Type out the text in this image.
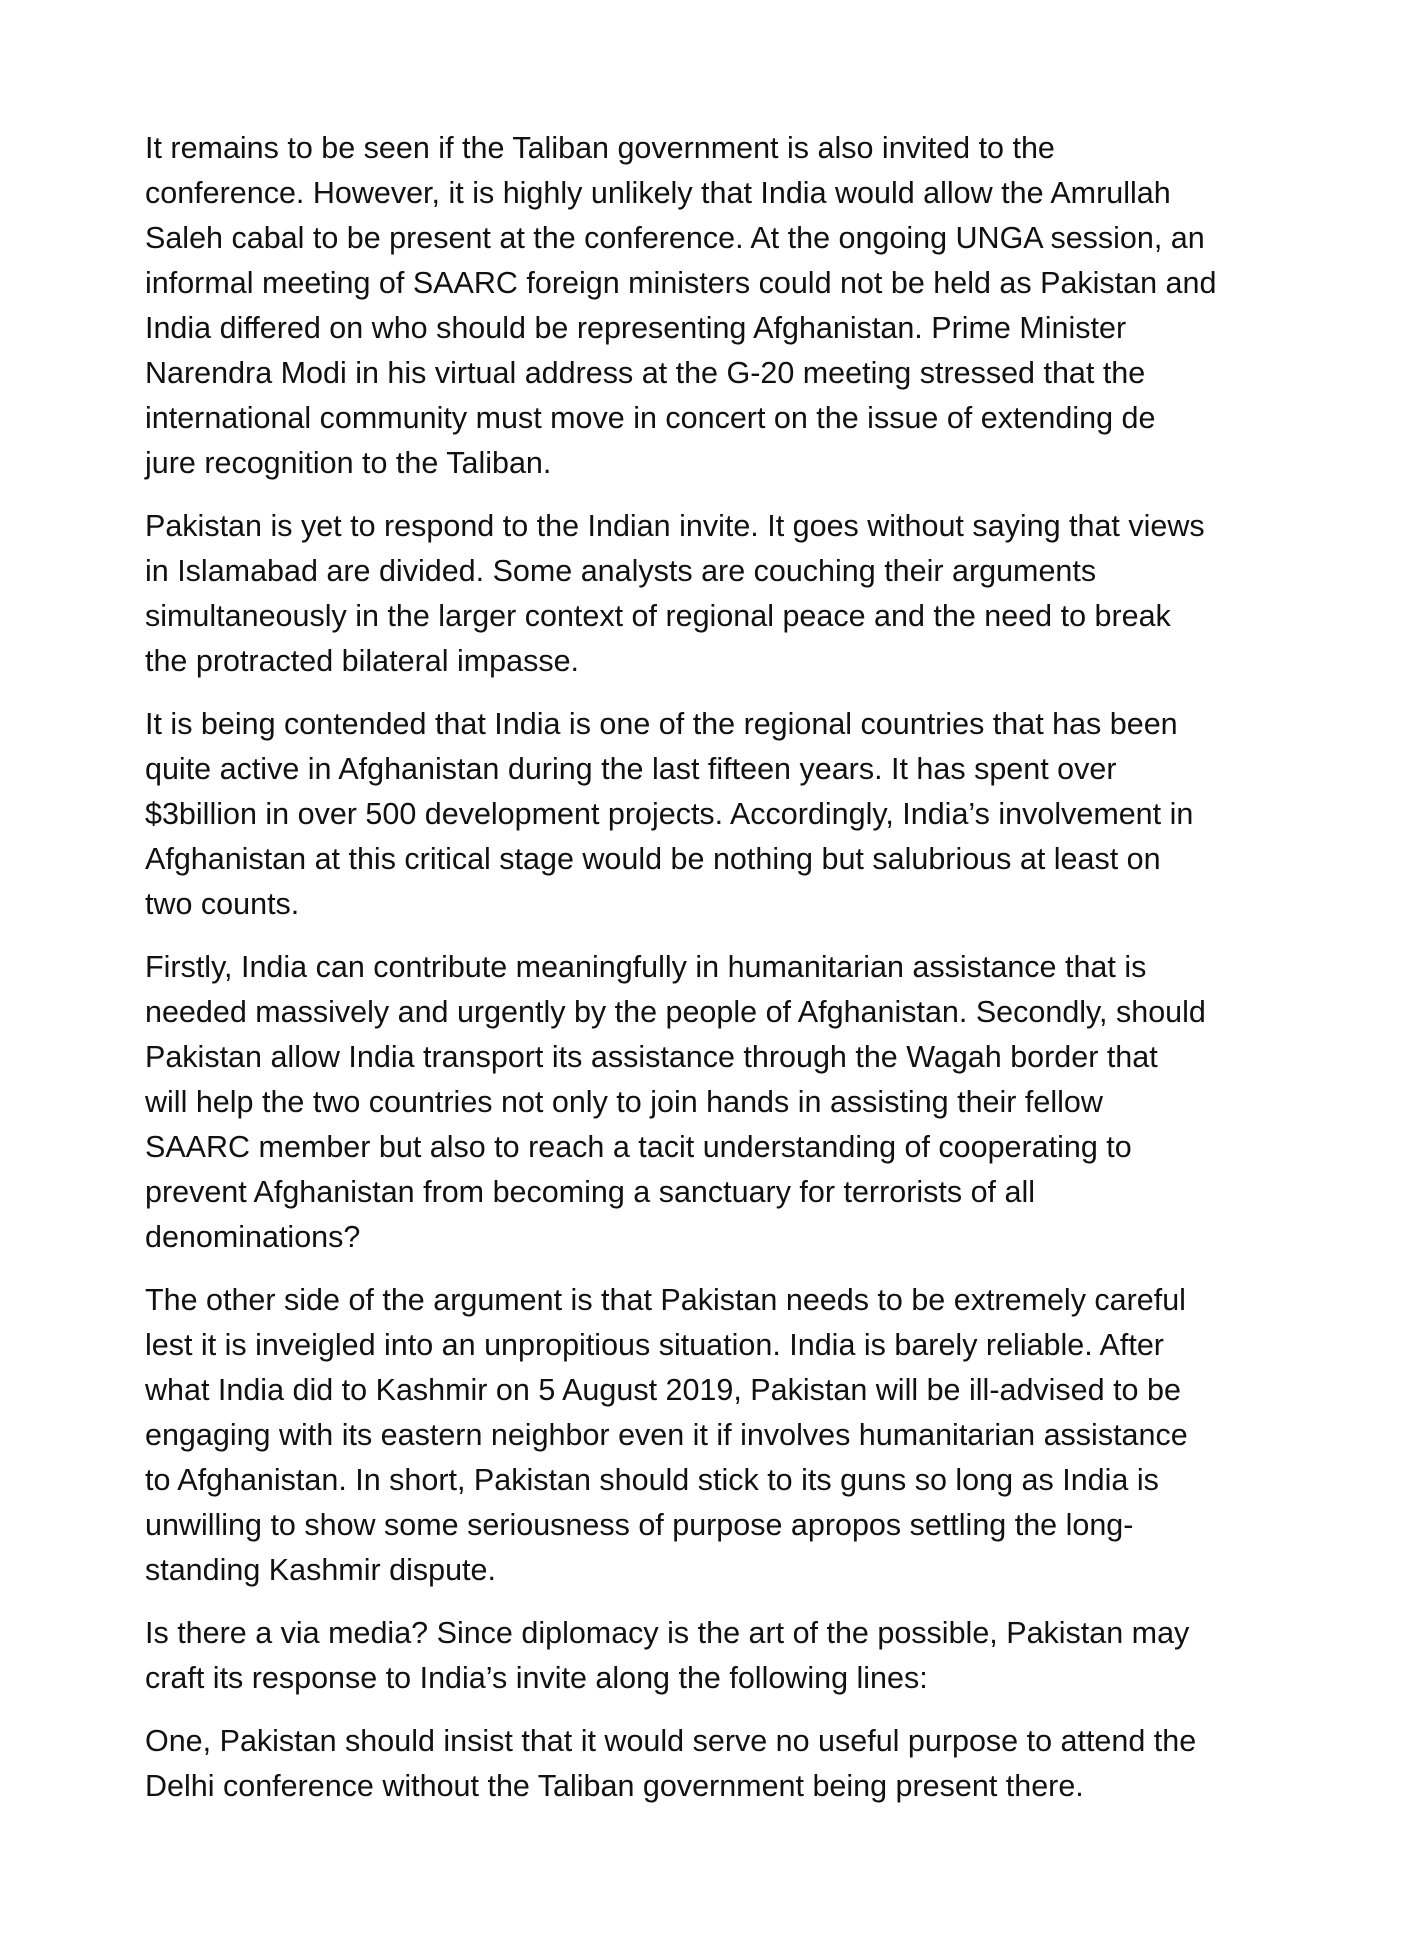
It remains to be seen if the Taliban government is also invited to the
conference. However, it is highly unlikely that India would allow the Amrullah
Saleh cabal to be present at the conference. At the ongoing UNGA session, an
informal meeting of SAARC foreign ministers could not be held as Pakistan and
India differed on who should be representing Afghanistan. Prime Minister
Narendra Modi in his virtual address at the G-20 meeting stressed that the
international community must move in concert on the issue of extending de
jure recognition to the Taliban.

Pakistan is yet to respond to the Indian invite. It goes without saying that views
in Islamabad are divided. Some analysts are couching their arguments
simultaneously in the larger context of regional peace and the need to break
the protracted bilateral impasse.

It is being contended that India is one of the regional countries that has been
quite active in Afghanistan during the last fifteen years. It has spent over
$3billion in over 500 development projects. Accordingly, India’s involvement in
Afghanistan at this critical stage would be nothing but salubrious at least on
two counts.

Firstly, India can contribute meaningfully in humanitarian assistance that is
needed massively and urgently by the people of Afghanistan. Secondly, should
Pakistan allow India transport its assistance through the Wagah border that
will help the two countries not only to join hands in assisting their fellow
SAARC member but also to reach a tacit understanding of cooperating to
prevent Afghanistan from becoming a sanctuary for terrorists of all
denominations?

The other side of the argument is that Pakistan needs to be extremely careful
lest it is inveigled into an unpropitious situation. India is barely reliable. After
what India did to Kashmir on 5 August 2019, Pakistan will be ill-advised to be
engaging with its eastern neighbor even it if involves humanitarian assistance
to Afghanistan. In short, Pakistan should stick to its guns so long as India is
unwilling to show some seriousness of purpose apropos settling the long-
standing Kashmir dispute.

Is there a via media? Since diplomacy is the art of the possible, Pakistan may
craft its response to India’s invite along the following lines:

One, Pakistan should insist that it would serve no useful purpose to attend the
Delhi conference without the Taliban government being present there.
